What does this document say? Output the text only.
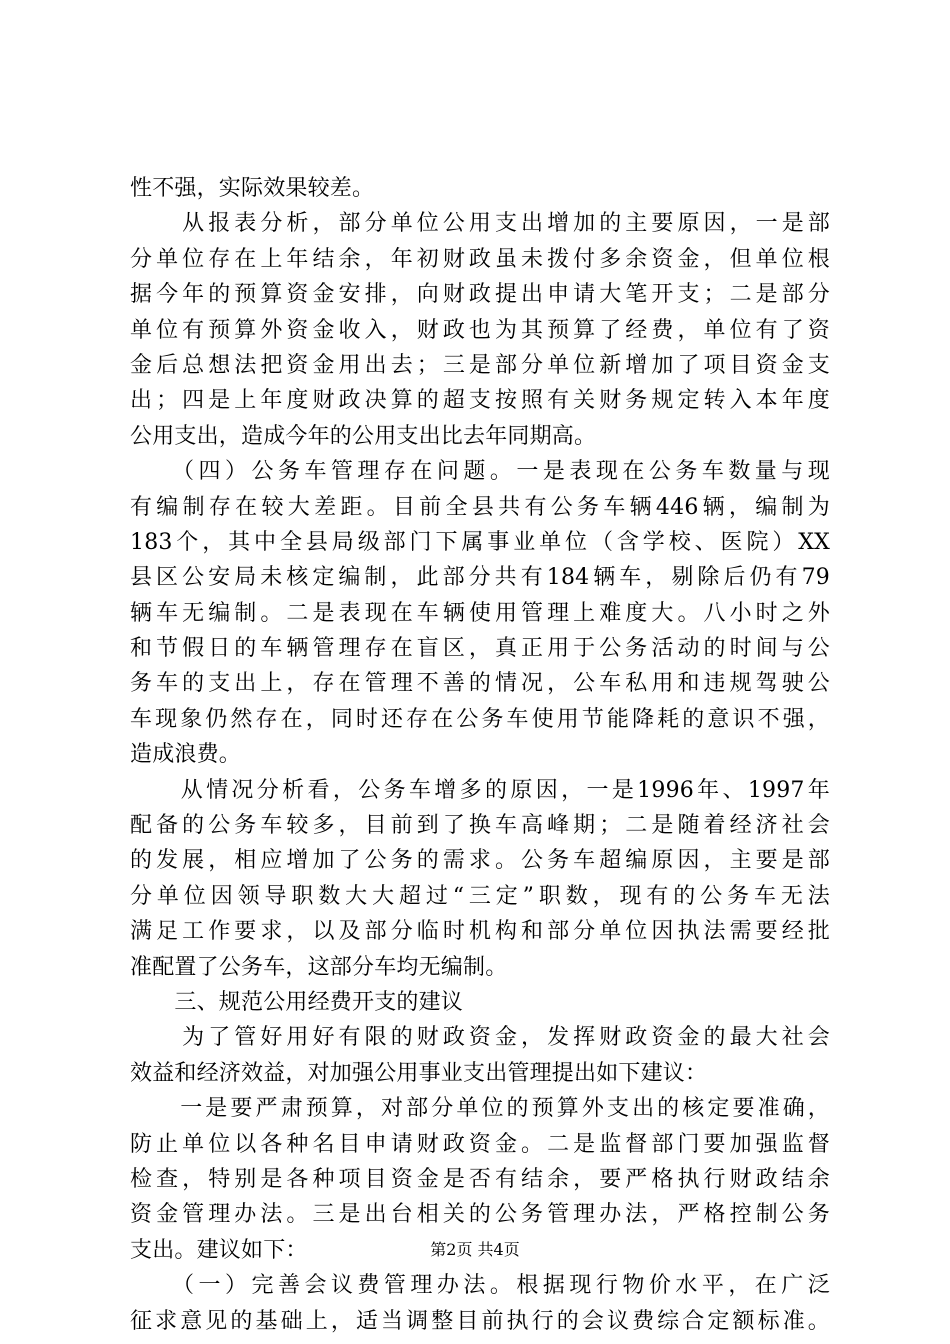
性不强，实际效果较差。
　　从报表分析，部分单位公用支出增加的主要原因，一是部
分单位存在上年结余，年初财政虽未拨付多余资金，但单位根
据今年的预算资金安排，向财政提出申请大笔开支；二是部分
单位有预算外资金收入，财政也为其预算了经费，单位有了资
金后总想法把资金用出去；三是部分单位新增加了项目资金支
出；四是上年度财政决算的超支按照有关财务规定转入本年度
公用支出，造成今年的公用支出比去年同期高。
　　（四）公务车管理存在问题。一是表现在公务车数量与现
有编制存在较大差距。目前全县共有公务车辆446辆，编制为
183个，其中全县局级部门下属事业单位（含学校、医院）XX
县区公安局未核定编制，此部分共有184辆车，剔除后仍有79
辆车无编制。二是表现在车辆使用管理上难度大。八小时之外
和节假日的车辆管理存在盲区，真正用于公务活动的时间与公
务车的支出上，存在管理不善的情况，公车私用和违规驾驶公
车现象仍然存在，同时还存在公务车使用节能降耗的意识不强，
造成浪费。
　　从情况分析看，公务车增多的原因，一是1996年、1997年
配备的公务车较多，目前到了换车高峰期；二是随着经济社会
的发展，相应增加了公务的需求。公务车超编原因，主要是部
分单位因领导职数大大超过“三定”职数，现有的公务车无法
满足工作要求，以及部分临时机构和部分单位因执法需要经批
准配置了公务车，这部分车均无编制。
　　三、规范公用经费开支的建议
　　为了管好用好有限的财政资金，发挥财政资金的最大社会
效益和经济效益，对加强公用事业支出管理提出如下建议：
　　一是要严肃预算，对部分单位的预算外支出的核定要准确，
防止单位以各种名目申请财政资金。二是监督部门要加强监督
检查，特别是各种项目资金是否有结余，要严格执行财政结余
资金管理办法。三是出台相关的公务管理办法，严格控制公务
支出。建议如下：
　　（一）完善会议费管理办法。根据现行物价水平，在广泛
征求意见的基础上，适当调整目前执行的会议费综合定额标准。
第2页 共4页
